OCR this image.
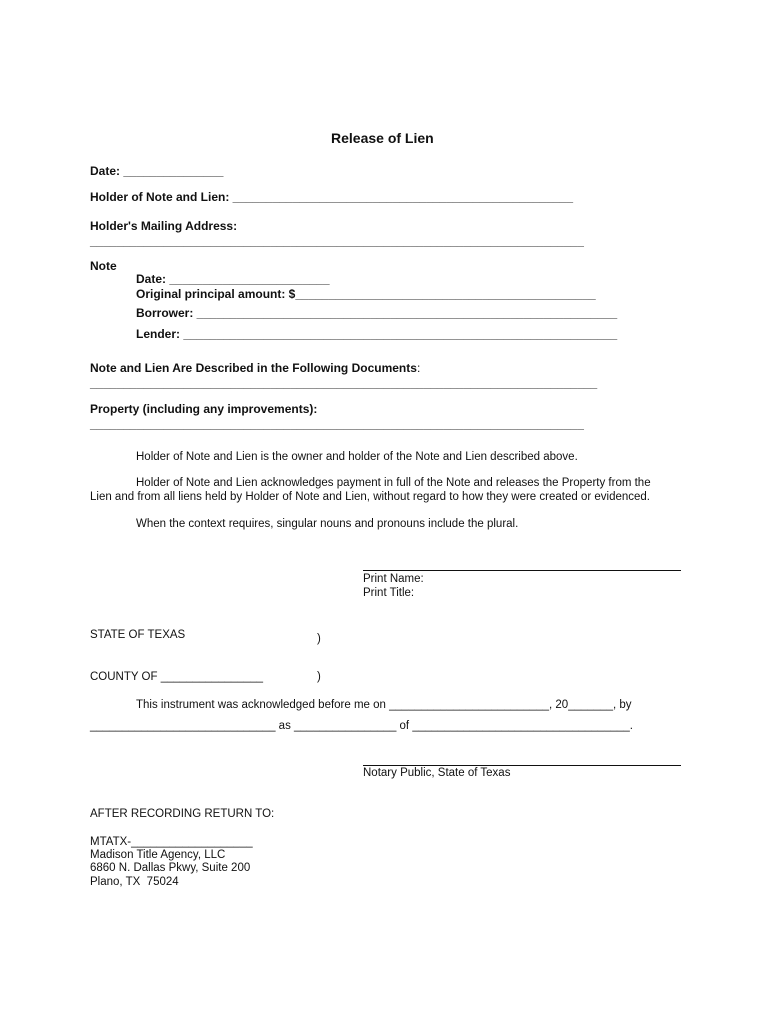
Release of Lien
Date: _______________
Holder of Note and Lien: ___________________________________________________
Holder's Mailing Address:
__________________________________________________________________________
Note
Date: ________________________
Original principal amount: $_____________________________________________
Borrower: _______________________________________________________________
Lender: _________________________________________________________________
Note and Lien Are Described in the Following Documents:
____________________________________________________________________________
Property (including any improvements):
__________________________________________________________________________
Holder of Note and Lien is the owner and holder of the Note and Lien described above.
Holder of Note and Lien acknowledges payment in full of the Note and releases the Property from the
Lien and from all liens held by Holder of Note and Lien, without regard to how they were created or evidenced.
When the context requires, singular nouns and pronouns include the plural.
Print Name:
Print Title:
STATE OF TEXAS	)
COUNTY OF ________________	)
This instrument was acknowledged before me on _________________________, 20_______, by
_____________________________ as ________________ of __________________________________.
Notary Public, State of Texas
AFTER RECORDING RETURN TO:
MTATX-___________________
Madison Title Agency, LLC
6860 N. Dallas Pkwy, Suite 200
Plano, TX  75024
